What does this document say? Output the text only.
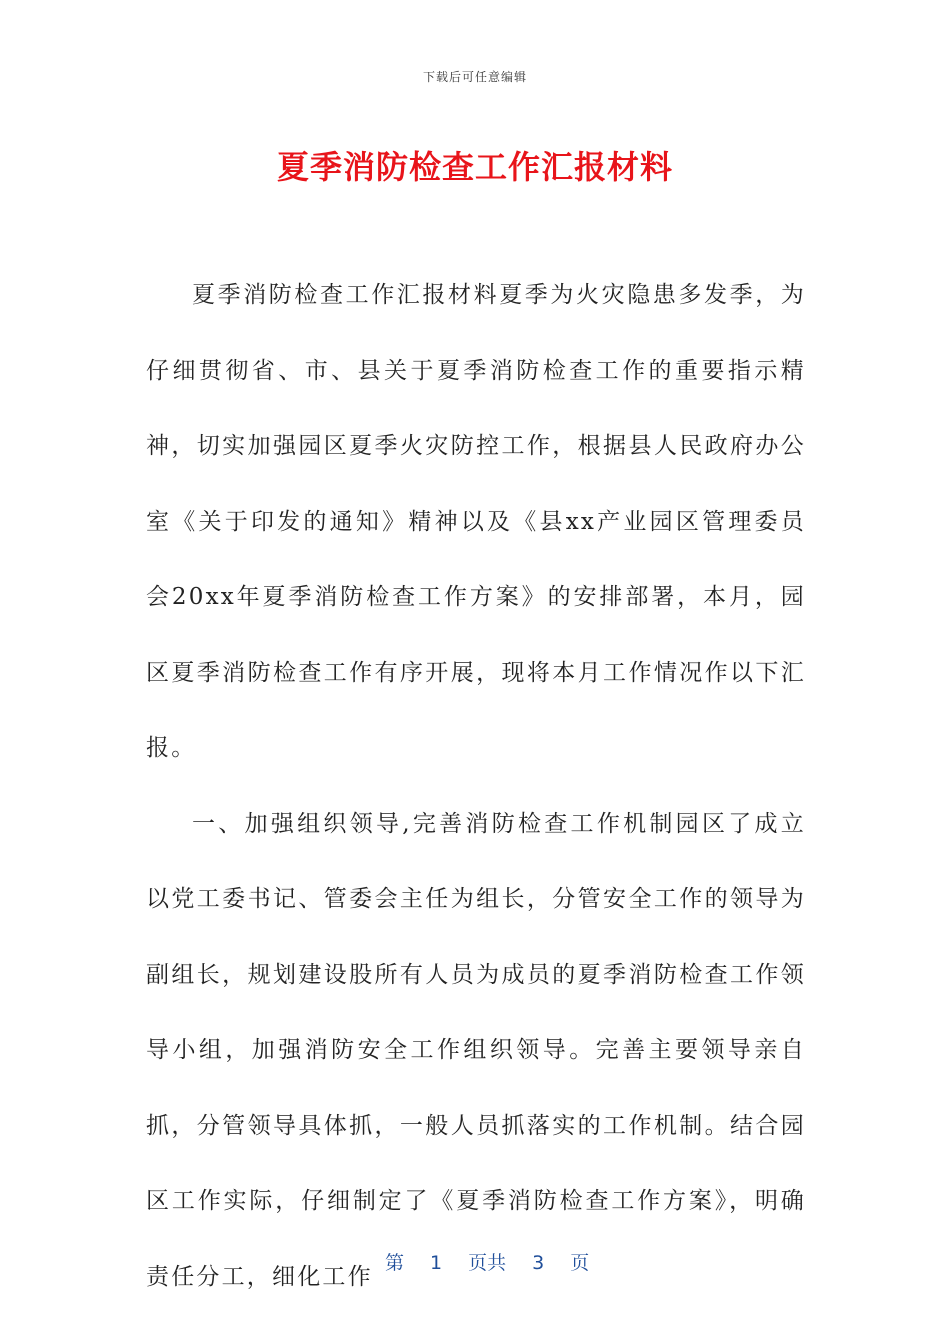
下载后可任意编辑
夏季消防检查工作汇报材料

夏季消防检查工作汇报材料夏季为火灾隐患多发季，为仔细贯彻省、市、县关于夏季消防检查工作的重要指示精神，切实加强园区夏季火灾防控工作，根据县人民政府办公室《关于印发的通知》精神以及《县xx产业园区管理委员会20xx年夏季消防检查工作方案》的安排部署，本月，园区夏季消防检查工作有序开展，现将本月工作情况作以下汇报。

一、加强组织领导,完善消防检查工作机制园区了成立以党工委书记、管委会主任为组长，分管安全工作的领导为副组长，规划建设股所有人员为成员的夏季消防检查工作领导小组，加强消防安全工作组织领导。完善主要领导亲自抓，分管领导具体抓，一般人员抓落实的工作机制。结合园区工作实际，仔细制定了《夏季消防检查工作方案》，明确责任分工，细化工作

第 1 页共 3 页
